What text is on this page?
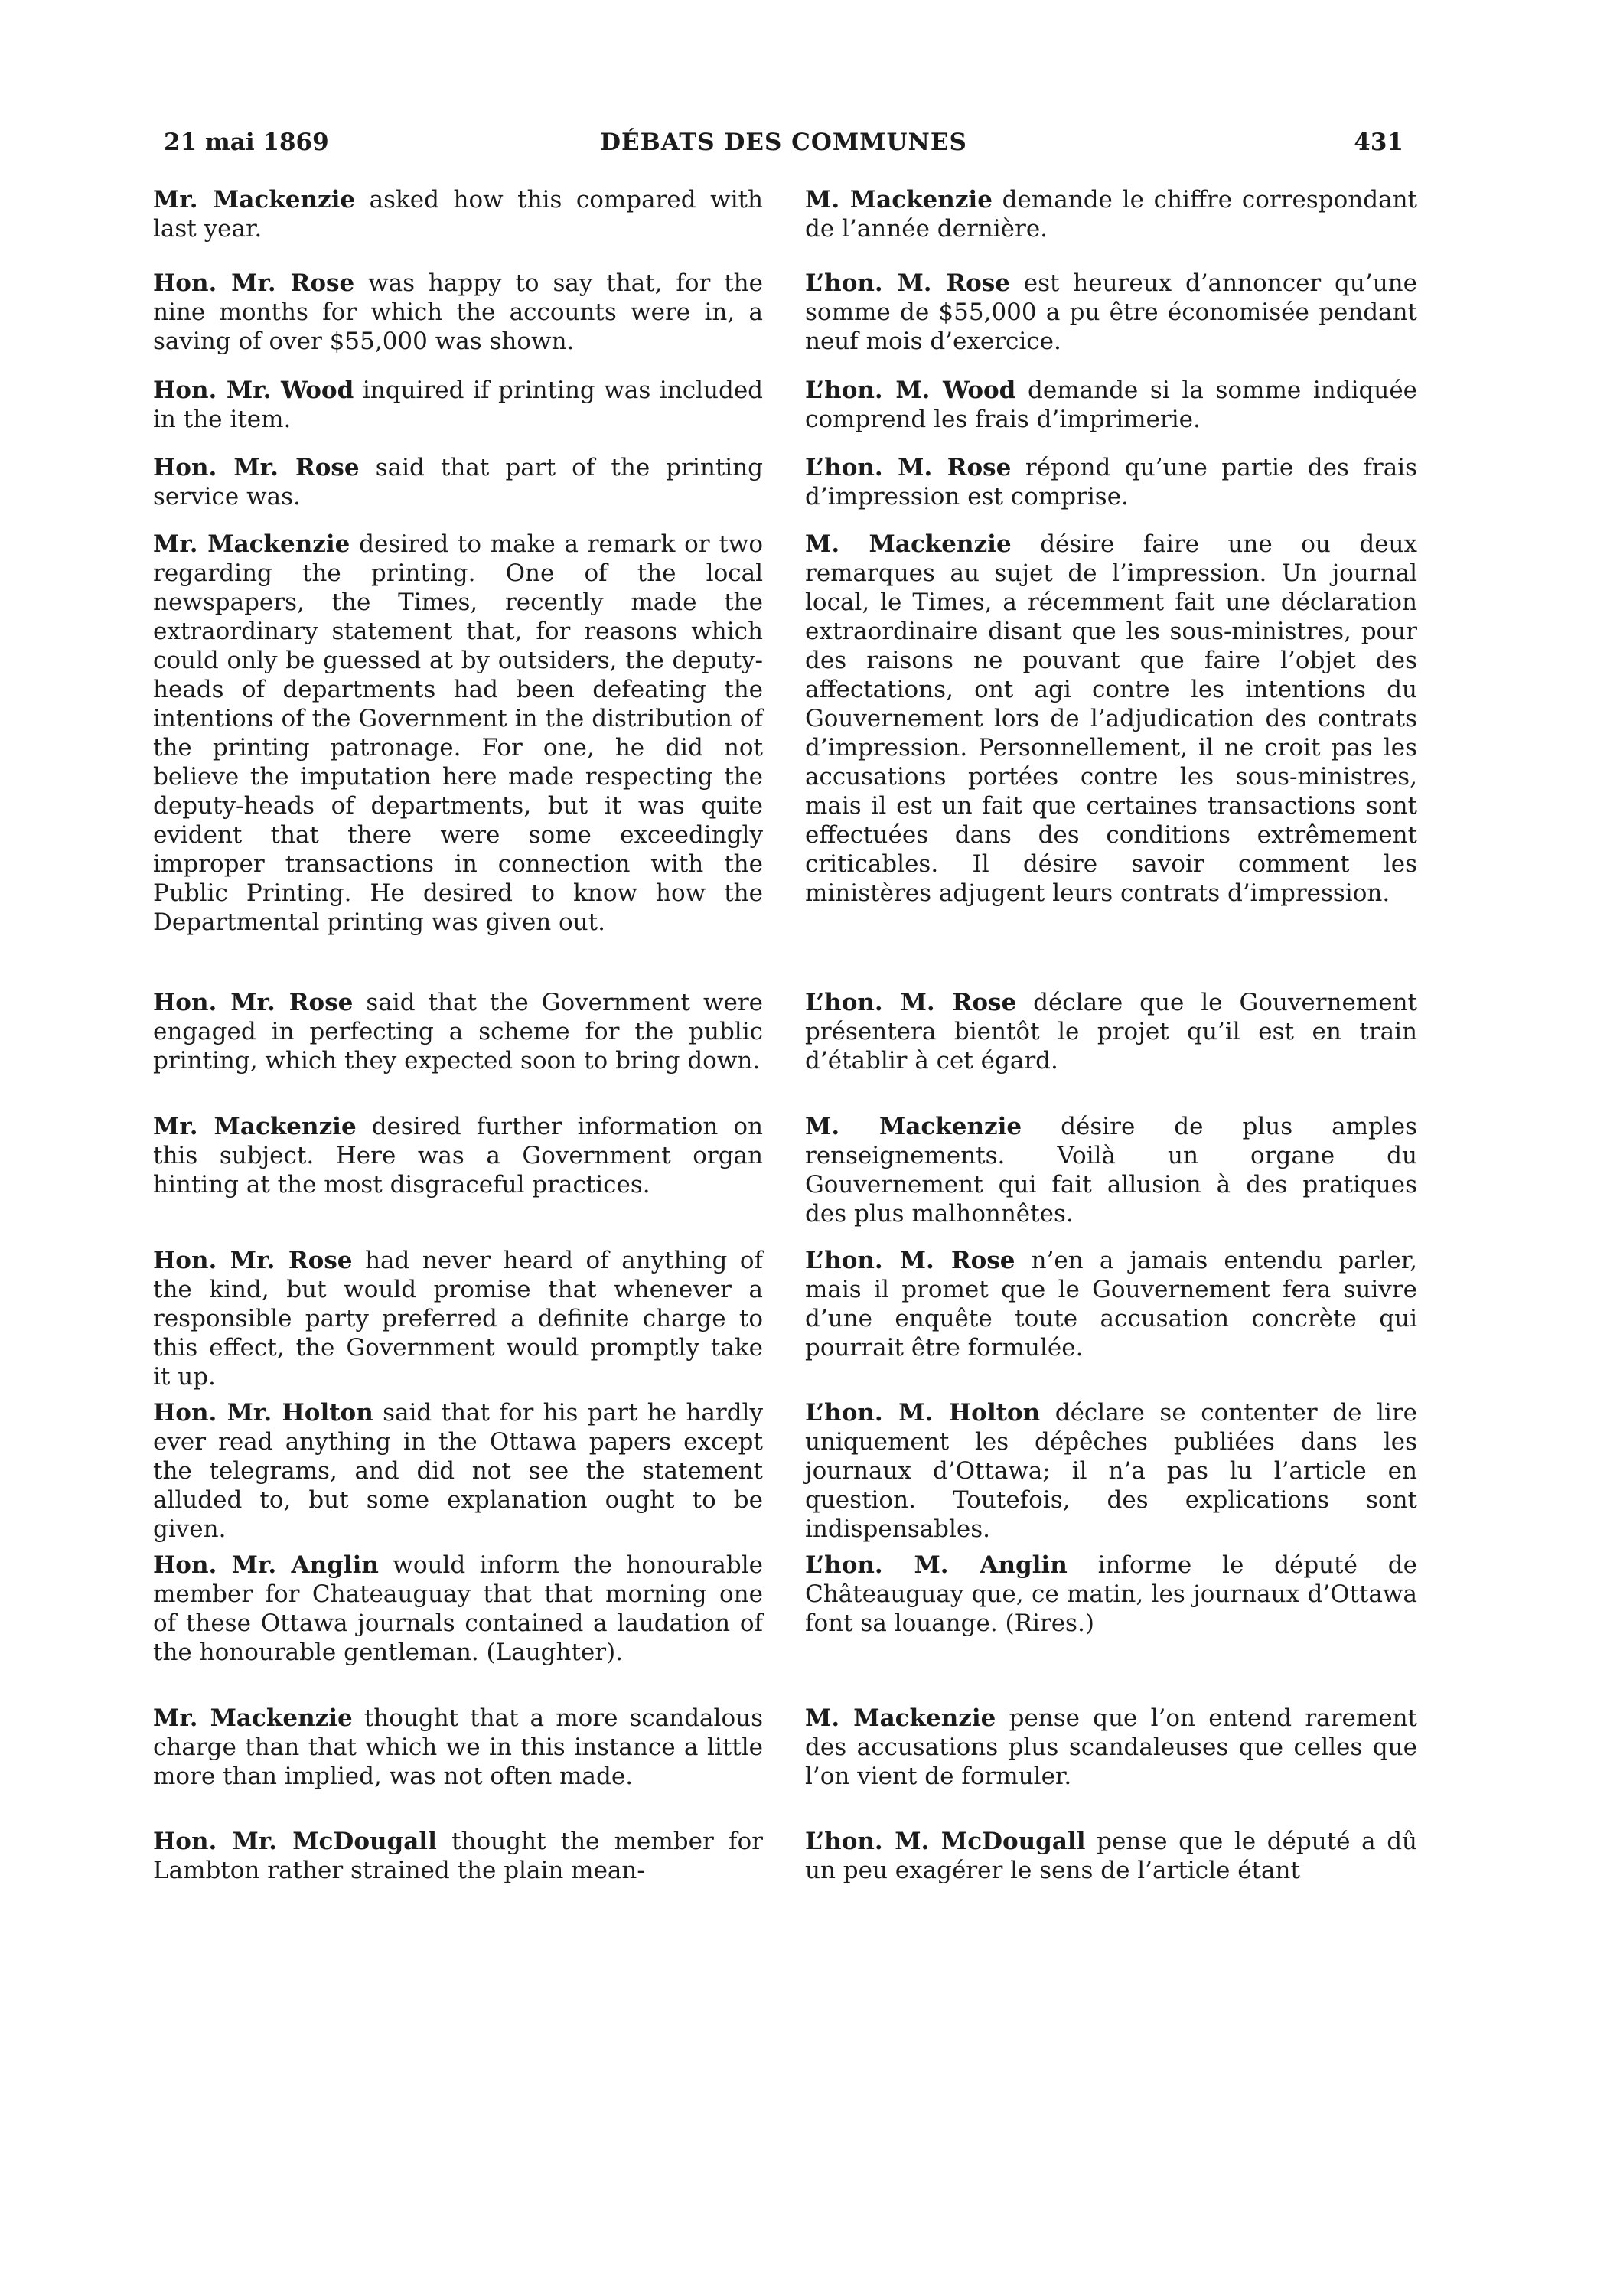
21 mai 1869	DÉBATS DES COMMUNES	431

Mr. Mackenzie asked how this compared with last year.

Hon. Mr. Rose was happy to say that, for the nine months for which the accounts were in, a saving of over $55,000 was shown.

Hon. Mr. Wood inquired if printing was included in the item.

Hon. Mr. Rose said that part of the printing service was.

Mr. Mackenzie desired to make a remark or two regarding the printing. One of the local newspapers, the Times, recently made the extraordinary statement that, for reasons which could only be guessed at by outsiders, the deputy-heads of departments had been defeating the intentions of the Government in the distribution of the printing patronage. For one, he did not believe the imputation here made respecting the deputy-heads of departments, but it was quite evident that there were some exceedingly improper transactions in connection with the Public Printing. He desired to know how the Departmental printing was given out.

Hon. Mr. Rose said that the Government were engaged in perfecting a scheme for the public printing, which they expected soon to bring down.

Mr. Mackenzie desired further information on this subject. Here was a Government organ hinting at the most disgraceful practices.

Hon. Mr. Rose had never heard of anything of the kind, but would promise that whenever a responsible party preferred a definite charge to this effect, the Government would promptly take it up.

Hon. Mr. Holton said that for his part he hardly ever read anything in the Ottawa papers except the telegrams, and did not see the statement alluded to, but some explanation ought to be given.

Hon. Mr. Anglin would inform the honourable member for Chateauguay that that morning one of these Ottawa journals contained a laudation of the honourable gentleman. (Laughter).

Mr. Mackenzie thought that a more scandalous charge than that which we in this instance a little more than implied, was not often made.

Hon. Mr. McDougall thought the member for Lambton rather strained the plain mean-

M. Mackenzie demande le chiffre correspondant de l’année dernière.

L’hon. M. Rose est heureux d’annoncer qu’une somme de $55,000 a pu être économisée pendant neuf mois d’exercice.

L’hon. M. Wood demande si la somme indiquée comprend les frais d’imprimerie.

L’hon. M. Rose répond qu’une partie des frais d’impression est comprise.

M. Mackenzie désire faire une ou deux remarques au sujet de l’impression. Un journal local, le Times, a récemment fait une déclaration extraordinaire disant que les sous-ministres, pour des raisons ne pouvant que faire l’objet des affectations, ont agi contre les intentions du Gouvernement lors de l’adjudication des contrats d’impression. Personnellement, il ne croit pas les accusations portées contre les sous-ministres, mais il est un fait que certaines transactions sont effectuées dans des conditions extrêmement criticables. Il désire savoir comment les ministères adjugent leurs contrats d’impression.

L’hon. M. Rose déclare que le Gouvernement présentera bientôt le projet qu’il est en train d’établir à cet égard.

M. Mackenzie désire de plus amples renseignements. Voilà un organe du Gouvernement qui fait allusion à des pratiques des plus malhonnêtes.

L’hon. M. Rose n’en a jamais entendu parler, mais il promet que le Gouvernement fera suivre d’une enquête toute accusation concrète qui pourrait être formulée.

L’hon. M. Holton déclare se contenter de lire uniquement les dépêches publiées dans les journaux d’Ottawa; il n’a pas lu l’article en question. Toutefois, des explications sont indispensables.

L’hon. M. Anglin informe le député de Châteauguay que, ce matin, les journaux d’Ottawa font sa louange. (Rires.)

M. Mackenzie pense que l’on entend rarement des accusations plus scandaleuses que celles que l’on vient de formuler.

L’hon. M. McDougall pense que le député a dû un peu exagérer le sens de l’article étant
